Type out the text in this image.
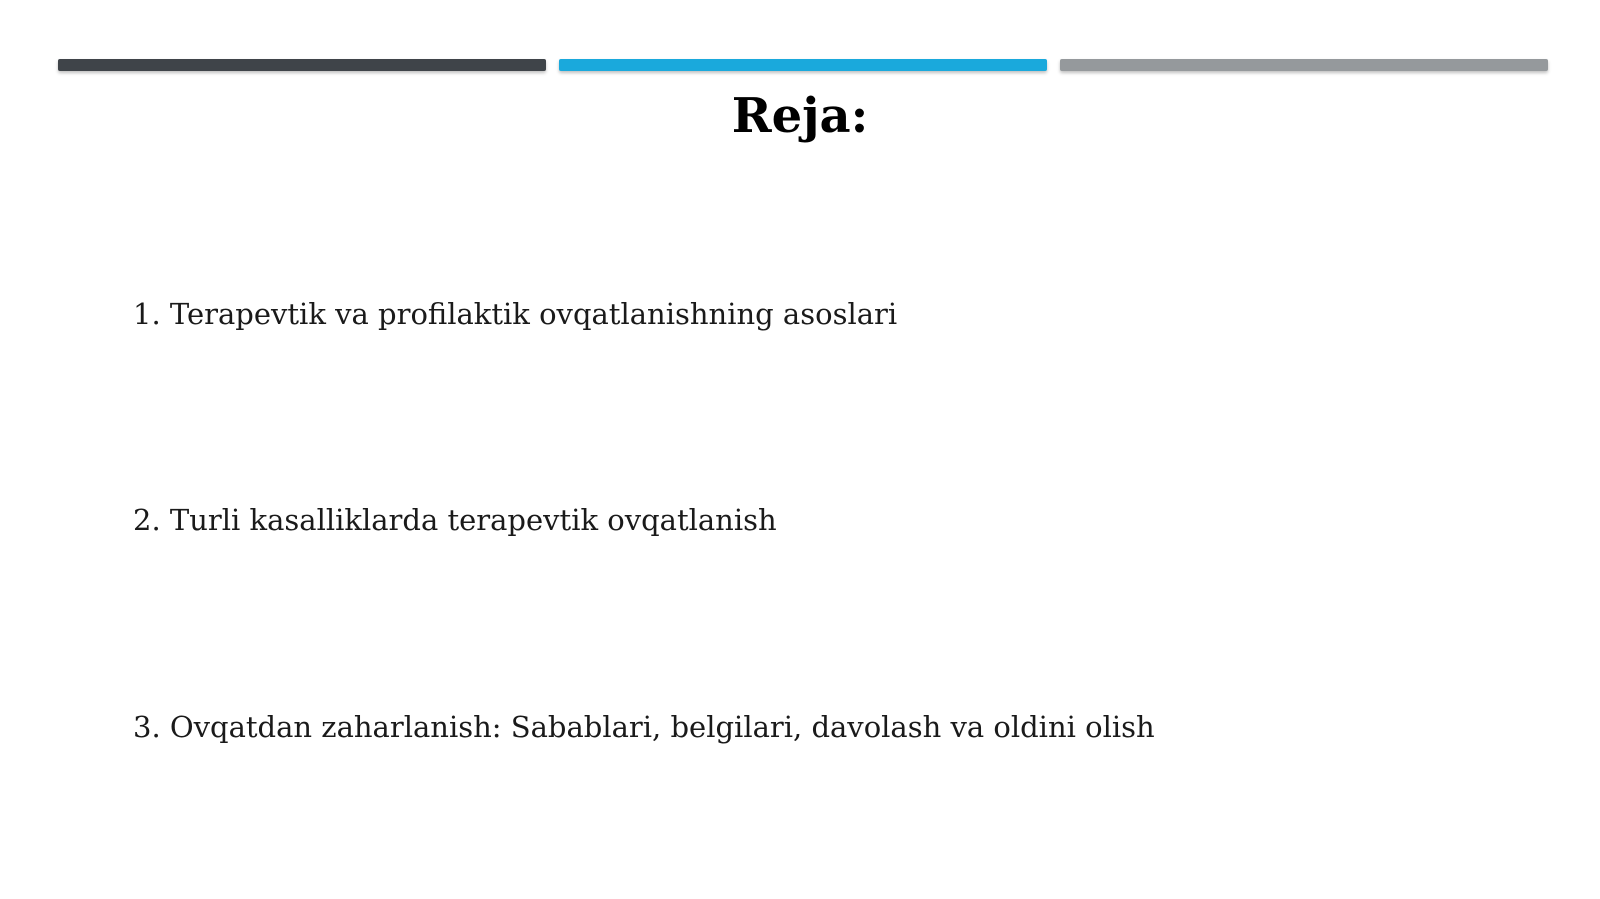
Reja:
1. Terapevtik va profilaktik ovqatlanishning asoslari
2. Turli kasalliklarda terapevtik ovqatlanish
3. Ovqatdan zaharlanish: Sabablari, belgilari, davolash va oldini olish
